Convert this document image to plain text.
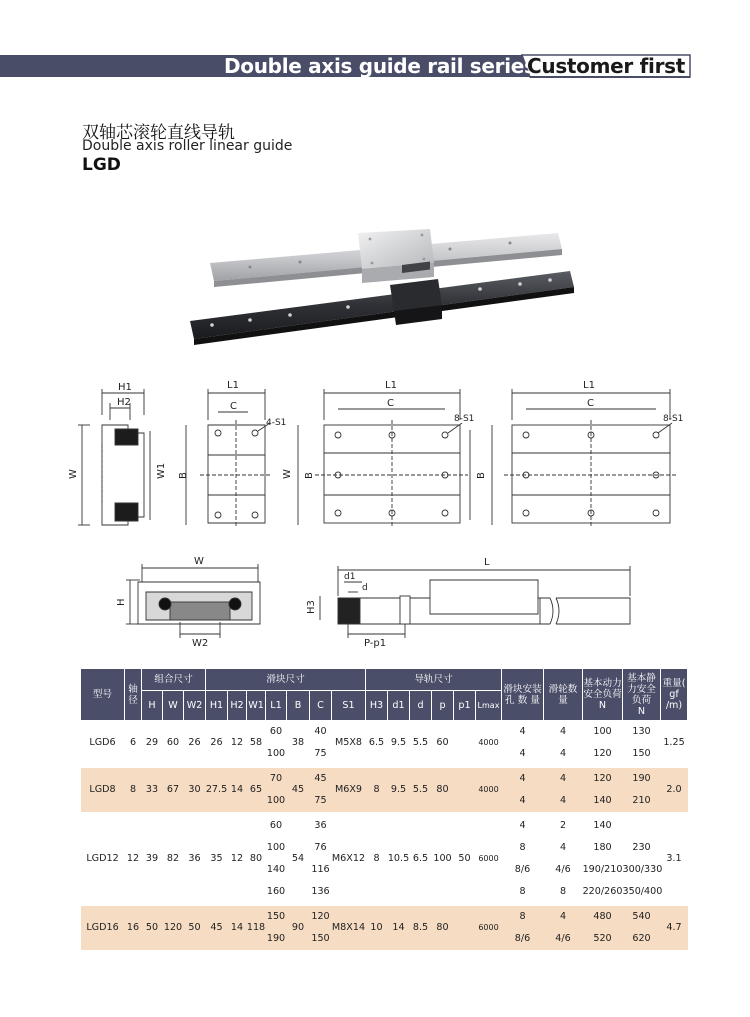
Double axis guide rail series
Customer first
双轴芯滚轮直线导轨
Double axis roller linear guide
LGD
H1
H2
W	W1
L1
C
4-S1
B
L1
C
8-S1
W B
L1
C
8-S1
B
W
H
W2
L
d1
d
H3
P-p1
型号	轴径	组合尺寸			滑块尺寸							导轨尺寸						滑块安装孔 数 量	滑轮数量	基本动力安全负荷
N	基本静力安全负荷
N	重量( gf /m)
		H	W	W2	H1	H2	W1	L1	B	C	S1	H3	d1	d	p	p1	Lmax					
LGD6	6	29	60	26	26	12	58	60	38	40	M5X8	6.5	9.5	5.5	60		4000	4	4	100	130	1.25
								100		75								4	4	120	150	

LGD8	8	33	67	30	27.5	14	65	70	45	45	M6X9	8	9.5	5.5	80		4000	4	4	120	190	2.0
								100		75								4	4	140	210	

LGD12	12	39	82	36	35	12	80	60	54	36	M6X12	8	10.5	6.5	100	50	6000	4	2	140		3.1
								100		76								8	4	180	230	
								140		116								8/6	4/6	190/210	300/330	
								160		136								8	8	220/260	350/400	

LGD16	16	50	120	50	45	14	118	150	90	120	M8X14	10	14	8.5	80		6000	8	4	480	540	4.7
								190		150								8/6	4/6	520	620	
